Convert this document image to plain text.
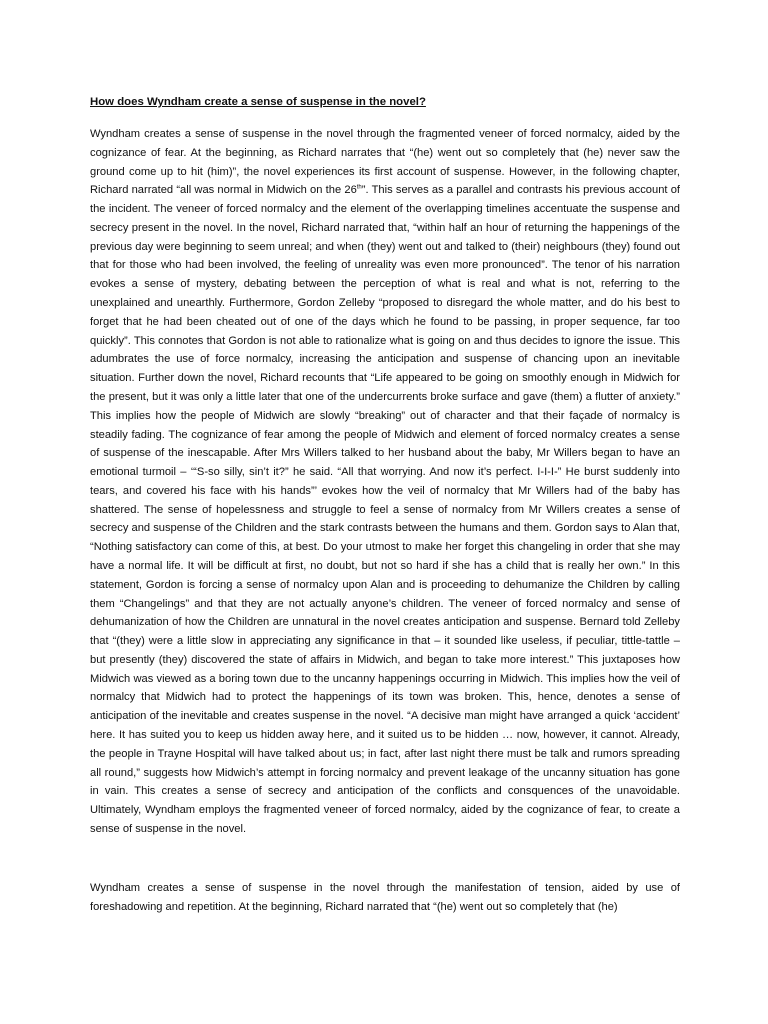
How does Wyndham create a sense of suspense in the novel?

Wyndham creates a sense of suspense in the novel through the fragmented veneer of forced normalcy, aided by the cognizance of fear. At the beginning, as Richard narrates that “(he) went out so completely that (he) never saw the ground come up to hit (him)”, the novel experiences its first account of suspense. However, in the following chapter, Richard narrated “all was normal in Midwich on the 26th”. This serves as a parallel and contrasts his previous account of the incident. The veneer of forced normalcy and the element of the overlapping timelines accentuate the suspense and secrecy present in the novel. In the novel, Richard narrated that, “within half an hour of returning the happenings of the previous day were beginning to seem unreal; and when (they) went out and talked to (their) neighbours (they) found out that for those who had been involved, the feeling of unreality was even more pronounced”. The tenor of his narration evokes a sense of mystery, debating between the perception of what is real and what is not, referring to the unexplained and unearthly. Furthermore, Gordon Zelleby “proposed to disregard the whole matter, and do his best to forget that he had been cheated out of one of the days which he found to be passing, in proper sequence, far too quickly”. This connotes that Gordon is not able to rationalize what is going on and thus decides to ignore the issue. This adumbrates the use of force normalcy, increasing the anticipation and suspense of chancing upon an inevitable situation. Further down the novel, Richard recounts that “Life appeared to be going on smoothly enough in Midwich for the present, but it was only a little later that one of the undercurrents broke surface and gave (them) a flutter of anxiety.” This implies how the people of Midwich are slowly “breaking” out of character and that their façade of normalcy is steadily fading. The cognizance of fear among the people of Midwich and element of forced normalcy creates a sense of suspense of the inescapable. After Mrs Willers talked to her husband about the baby, Mr Willers began to have an emotional turmoil – ‘“S-so silly, sin’t it?” he said. “All that worrying. And now it’s perfect. I-I-I-” He burst suddenly into tears, and covered his face with his hands”’ evokes how the veil of normalcy that Mr Willers had of the baby has shattered. The sense of hopelessness and struggle to feel a sense of normalcy from Mr Willers creates a sense of secrecy and suspense of the Children and the stark contrasts between the humans and them. Gordon says to Alan that, “Nothing satisfactory can come of this, at best. Do your utmost to make her forget this changeling in order that she may have a normal life. It will be difficult at first, no doubt, but not so hard if she has a child that is really her own.” In this statement, Gordon is forcing a sense of normalcy upon Alan and is proceeding to dehumanize the Children by calling them “Changelings” and that they are not actually anyone’s children. The veneer of forced normalcy and sense of dehumanization of how the Children are unnatural in the novel creates anticipation and suspense. Bernard told Zelleby that “(they) were a little slow in appreciating any significance in that – it sounded like useless, if peculiar, tittle-tattle – but presently (they) discovered the state of affairs in Midwich, and began to take more interest.” This juxtaposes how Midwich was viewed as a boring town due to the uncanny happenings occurring in Midwich. This implies how the veil of normalcy that Midwich had to protect the happenings of its town was broken. This, hence, denotes a sense of anticipation of the inevitable and creates suspense in the novel. “A decisive man might have arranged a quick ‘accident’ here. It has suited you to keep us hidden away here, and it suited us to be hidden … now, however, it cannot. Already, the people in Trayne Hospital will have talked about us; in fact, after last night there must be talk and rumors spreading all round,” suggests how Midwich’s attempt in forcing normalcy and prevent leakage of the uncanny situation has gone in vain. This creates a sense of secrecy and anticipation of the conflicts and consquences of the unavoidable. Ultimately, Wyndham employs the fragmented veneer of forced normalcy, aided by the cognizance of fear, to create a sense of suspense in the novel.

Wyndham creates a sense of suspense in the novel through the manifestation of tension, aided by use of foreshadowing and repetition. At the beginning, Richard narrated that “(he) went out so completely that (he)
